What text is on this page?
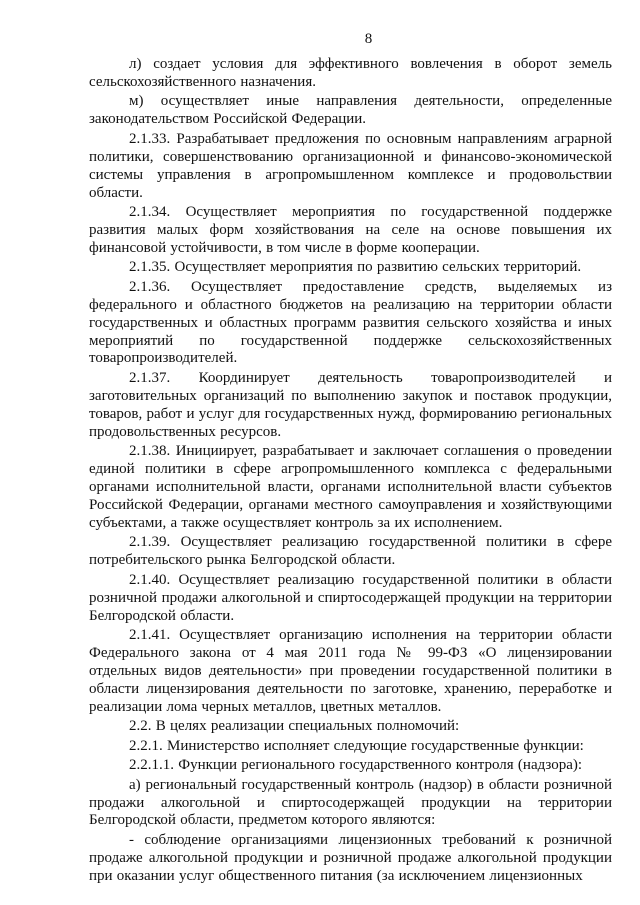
8

л) создает условия для эффективного вовлечения в оборот земель сельскохозяйственного назначения.

м) осуществляет иные направления деятельности, определенные законодательством Российской Федерации.

2.1.33. Разрабатывает предложения по основным направлениям аграрной политики, совершенствованию организационной и финансово-экономической системы управления в агропромышленном комплексе и продовольствии области.

2.1.34. Осуществляет мероприятия по государственной поддержке развития малых форм хозяйствования на селе на основе повышения их финансовой устойчивости, в том числе в форме кооперации.

2.1.35. Осуществляет мероприятия по развитию сельских территорий.

2.1.36. Осуществляет предоставление средств, выделяемых из федерального и областного бюджетов на реализацию на территории области государственных и областных программ развития сельского хозяйства и иных мероприятий по государственной поддержке сельскохозяйственных товаропроизводителей.

2.1.37. Координирует деятельность товаропроизводителей и заготовительных организаций по выполнению закупок и поставок продукции, товаров, работ и услуг для государственных нужд, формированию региональных продовольственных ресурсов.

2.1.38. Инициирует, разрабатывает и заключает соглашения о проведении единой политики в сфере агропромышленного комплекса с федеральными органами исполнительной власти, органами исполнительной власти субъектов Российской Федерации, органами местного самоуправления и хозяйствующими субъектами, а также осуществляет контроль за их исполнением.

2.1.39. Осуществляет реализацию государственной политики в сфере потребительского рынка Белгородской области.

2.1.40. Осуществляет реализацию государственной политики в области розничной продажи алкогольной и спиртосодержащей продукции на территории Белгородской области.

2.1.41. Осуществляет организацию исполнения на территории области Федерального закона от 4 мая 2011 года № 99-ФЗ «О лицензировании отдельных видов деятельности» при проведении государственной политики в области лицензирования деятельности по заготовке, хранению, переработке и реализации лома черных металлов, цветных металлов.

2.2. В целях реализации специальных полномочий:

2.2.1. Министерство исполняет следующие государственные функции:

2.2.1.1. Функции регионального государственного контроля (надзора):

а) региональный государственный контроль (надзор) в области розничной продажи алкогольной и спиртосодержащей продукции на территории Белгородской области, предметом которого являются:

- соблюдение организациями лицензионных требований к розничной продаже алкогольной продукции и розничной продаже алкогольной продукции при оказании услуг общественного питания (за исключением лицензионных
